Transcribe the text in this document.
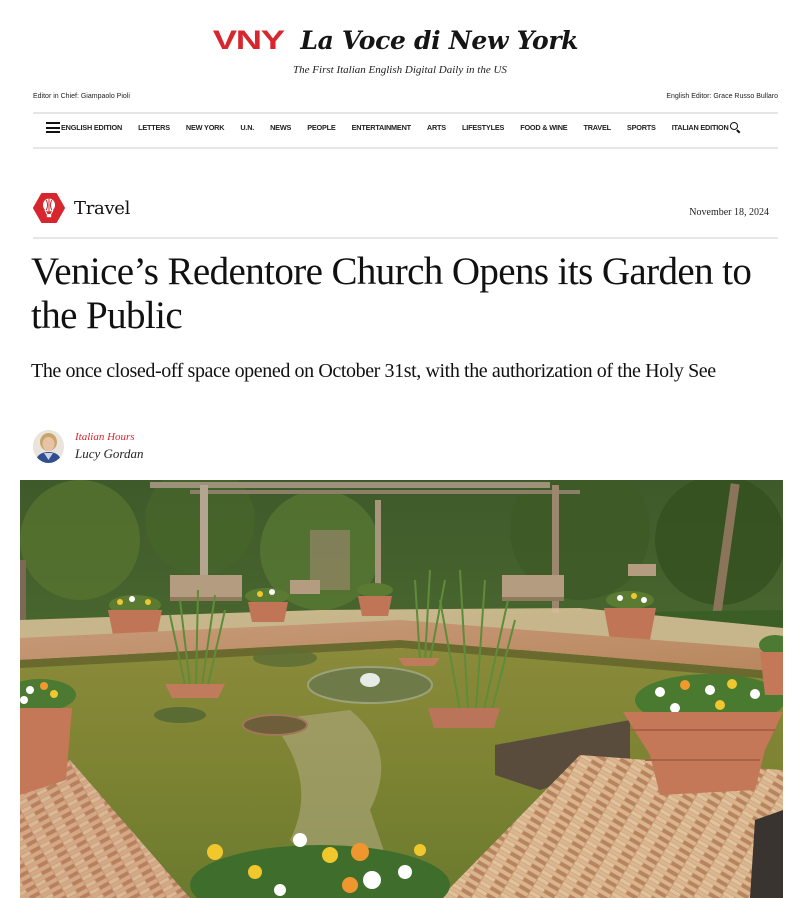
VNY La Voce di New York
The First Italian English Digital Daily in the US
Editor in Chief: Giampaolo Pioli	English Editor: Grace Russo Bullaro
ENGLISH EDITION LETTERS NEW YORK U.N. NEWS PEOPLE ENTERTAINMENT ARTS LIFESTYLES FOOD & WINE TRAVEL SPORTS ITALIAN EDITION
Travel	November 18, 2024
Venice’s Redentore Church Opens its Garden to the Public
The once closed-off space opened on October 31st, with the authorization of the Holy See
Italian Hours
Lucy Gordan
